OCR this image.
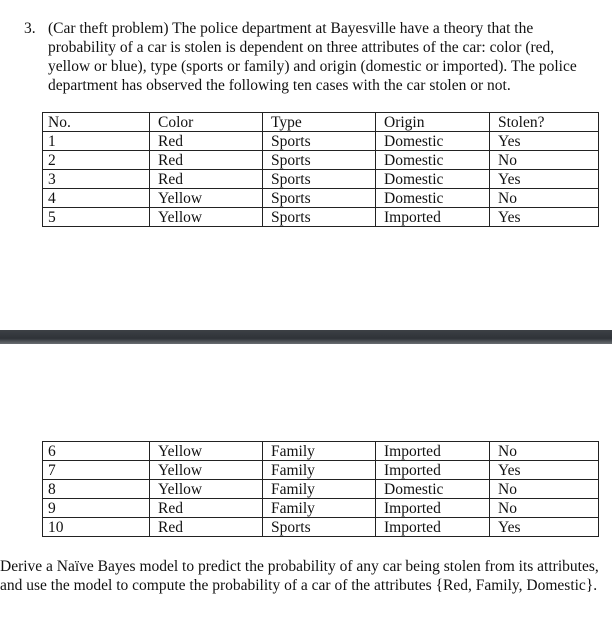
3. (Car theft problem) The police department at Bayesville have a theory that the probability of a car is stolen is dependent on three attributes of the car: color (red, yellow or blue), type (sports or family) and origin (domestic or imported). The police department has observed the following ten cases with the car stolen or not.
No.	Color	Type	Origin	Stolen?
1	Red	Sports	Domestic	Yes
2	Red	Sports	Domestic	No
3	Red	Sports	Domestic	Yes
4	Yellow	Sports	Domestic	No
5	Yellow	Sports	Imported	Yes
6	Yellow	Family	Imported	No
7	Yellow	Family	Imported	Yes
8	Yellow	Family	Domestic	No
9	Red	Family	Imported	No
10	Red	Sports	Imported	Yes
Derive a Naïve Bayes model to predict the probability of any car being stolen from its attributes, and use the model to compute the probability of a car of the attributes {Red, Family, Domestic}.
